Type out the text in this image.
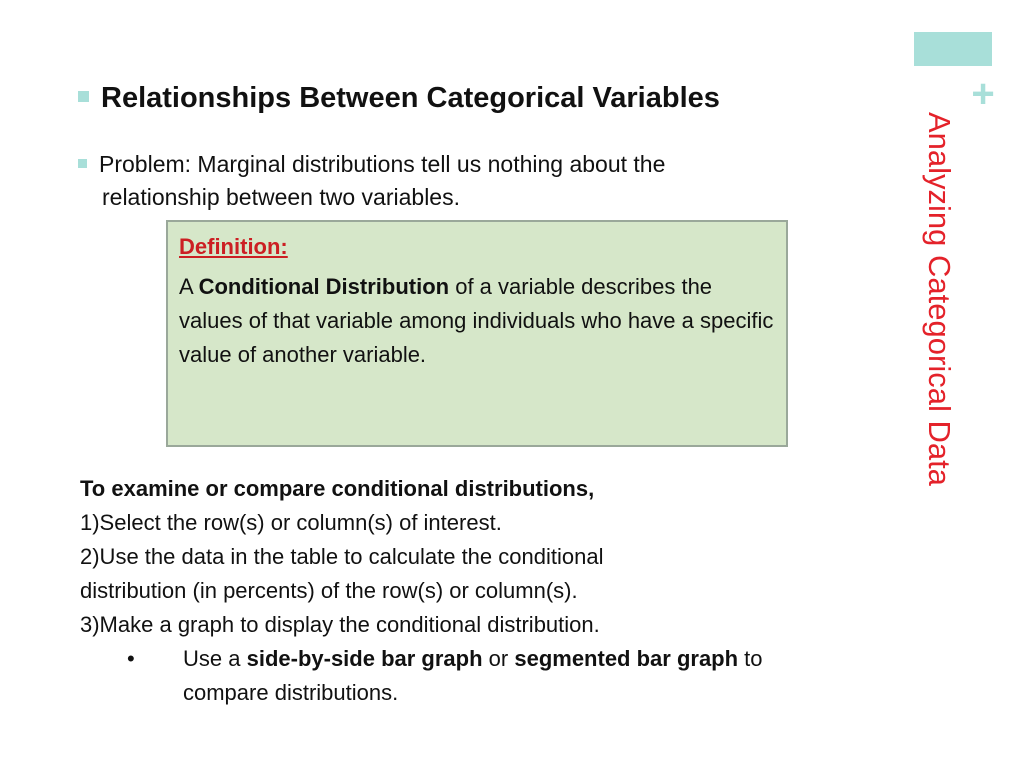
+
Analyzing Categorical Data
Relationships Between Categorical Variables
Problem: Marginal distributions tell us nothing about the
relationship between two variables.
Definition:
A Conditional Distribution of a variable describes the values of that variable among individuals who have a specific value of another variable.
To examine or compare conditional distributions,
1)Select the row(s) or column(s) of interest.
2)Use the data in the table to calculate the conditional
distribution (in percents) of the row(s) or column(s).
3)Make a graph to display the conditional distribution.
• Use a side-by-side bar graph or segmented bar graph to compare distributions.
